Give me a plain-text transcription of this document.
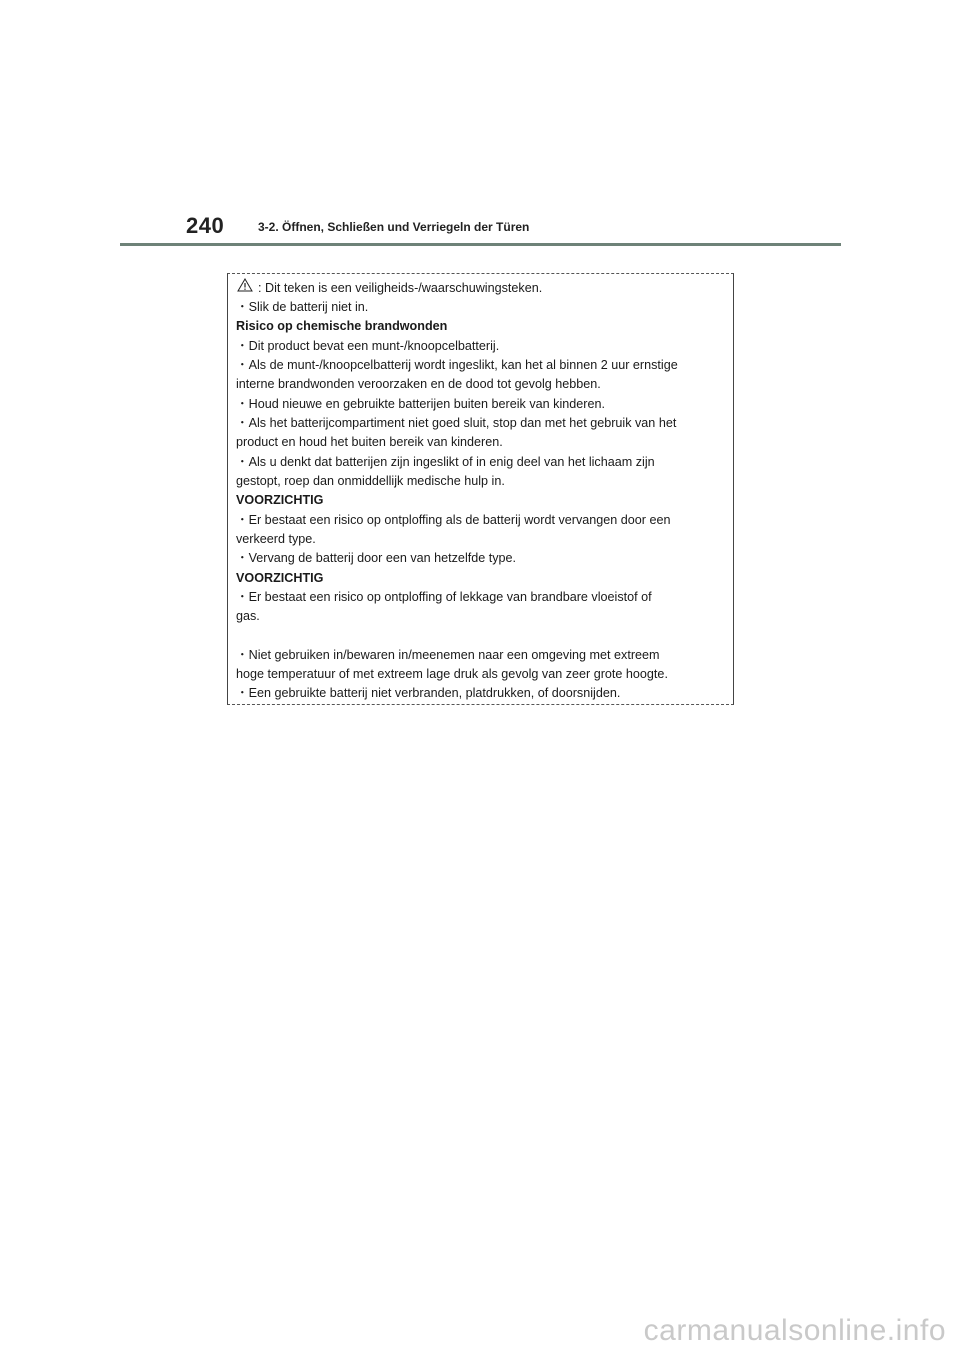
240	3-2. Öffnen, Schließen und Verriegeln der Türen
: Dit teken is een veiligheids-/waarschuwingsteken.
・Slik de batterij niet in.
Risico op chemische brandwonden
・Dit product bevat een munt-/knoopcelbatterij.
・Als de munt-/knoopcelbatterij wordt ingeslikt, kan het al binnen 2 uur ernstige
interne brandwonden veroorzaken en de dood tot gevolg hebben.
・Houd nieuwe en gebruikte batterijen buiten bereik van kinderen.
・Als het batterijcompartiment niet goed sluit, stop dan met het gebruik van het
product en houd het buiten bereik van kinderen.
・Als u denkt dat batterijen zijn ingeslikt of in enig deel van het lichaam zijn
gestopt, roep dan onmiddellijk medische hulp in.
VOORZICHTIG
・Er bestaat een risico op ontploffing als de batterij wordt vervangen door een
verkeerd type.
・Vervang de batterij door een van hetzelfde type.
VOORZICHTIG
・Er bestaat een risico op ontploffing of lekkage van brandbare vloeistof of
gas.
・Niet gebruiken in/bewaren in/meenemen naar een omgeving met extreem
hoge temperatuur of met extreem lage druk als gevolg van zeer grote hoogte.
・Een gebruikte batterij niet verbranden, platdrukken, of doorsnijden.
carmanualsonline.info
